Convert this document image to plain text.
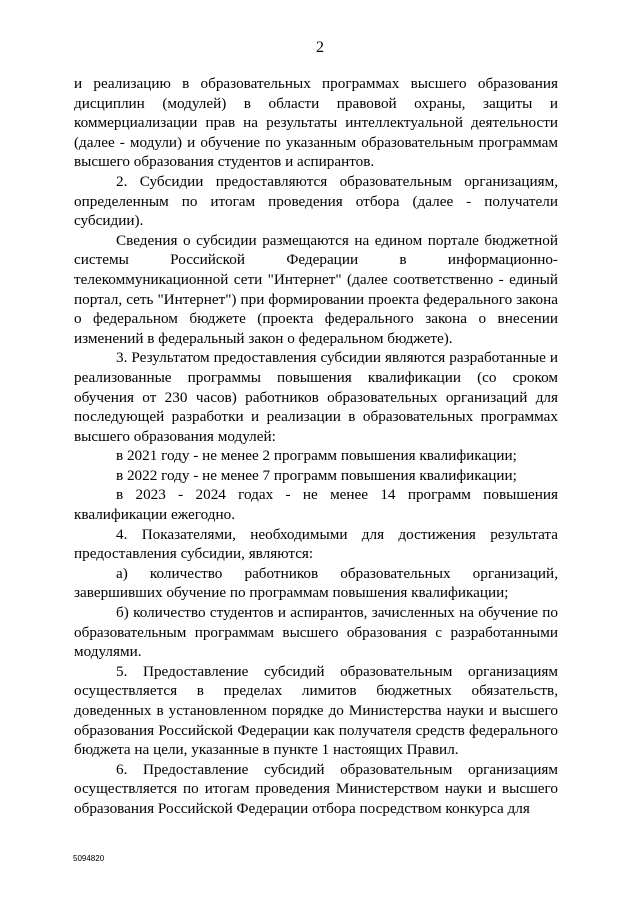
2

и реализацию в образовательных программах высшего образования дисциплин (модулей) в области правовой охраны, защиты и коммерциализации прав на результаты интеллектуальной деятельности (далее - модули) и обучение по указанным образовательным программам высшего образования студентов и аспирантов.

2. Субсидии предоставляются образовательным организациям, определенным по итогам проведения отбора (далее - получатели субсидии).

Сведения о субсидии размещаются на едином портале бюджетной системы Российской Федерации в информационно-телекоммуникационной сети "Интернет" (далее соответственно - единый портал, сеть "Интернет") при формировании проекта федерального закона о федеральном бюджете (проекта федерального закона о внесении изменений в федеральный закон о федеральном бюджете).

3. Результатом предоставления субсидии являются разработанные и реализованные программы повышения квалификации (со сроком обучения от 230 часов) работников образовательных организаций для последующей разработки и реализации в образовательных программах высшего образования модулей:

в 2021 году - не менее 2 программ повышения квалификации;

в 2022 году - не менее 7 программ повышения квалификации;

в 2023 - 2024 годах - не менее 14 программ повышения квалификации ежегодно.

4. Показателями, необходимыми для достижения результата предоставления субсидии, являются:

а) количество работников образовательных организаций, завершивших обучение по программам повышения квалификации;

б) количество студентов и аспирантов, зачисленных на обучение по образовательным программам высшего образования с разработанными модулями.

5. Предоставление субсидий образовательным организациям осуществляется в пределах лимитов бюджетных обязательств, доведенных в установленном порядке до Министерства науки и высшего образования Российской Федерации как получателя средств федерального бюджета на цели, указанные в пункте 1 настоящих Правил.

6. Предоставление субсидий образовательным организациям осуществляется по итогам проведения Министерством науки и высшего образования Российской Федерации отбора посредством конкурса для

5094820
